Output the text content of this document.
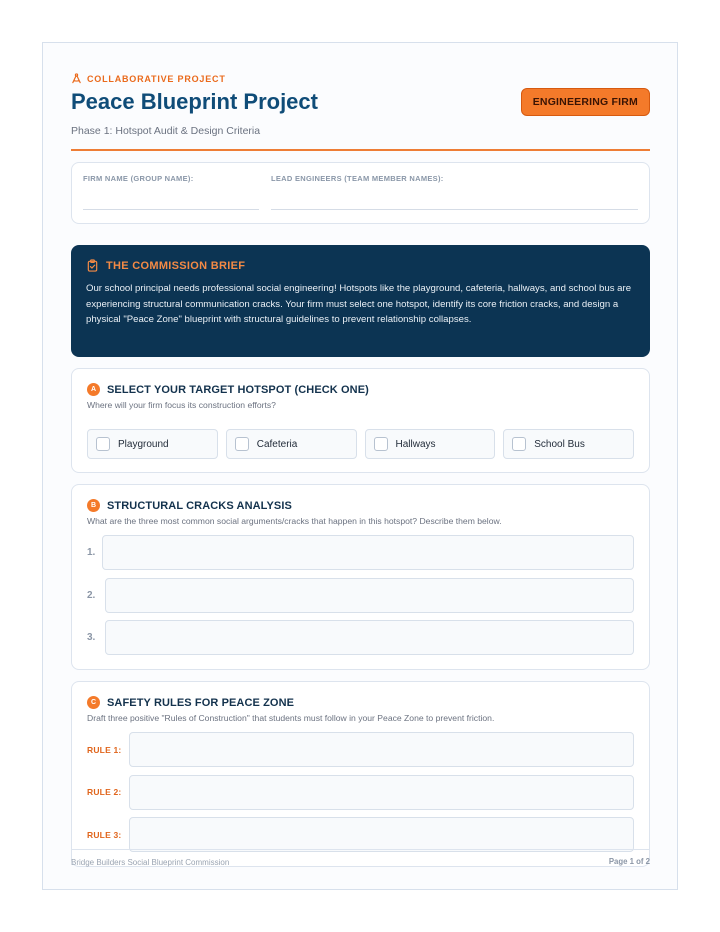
COLLABORATIVE PROJECT
Peace Blueprint Project	ENGINEERING FIRM
Phase 1: Hotspot Audit & Design Criteria
FIRM NAME (GROUP NAME):	LEAD ENGINEERS (TEAM MEMBER NAMES):
THE COMMISSION BRIEF
Our school principal needs professional social engineering! Hotspots like the playground, cafeteria, hallways, and school bus are experiencing structural communication cracks. Your firm must select one hotspot, identify its core friction cracks, and design a physical "Peace Zone" blueprint with structural guidelines to prevent relationship collapses.
A SELECT YOUR TARGET HOTSPOT (CHECK ONE)
Where will your firm focus its construction efforts?
Playground	Cafeteria	Hallways	School Bus
B STRUCTURAL CRACKS ANALYSIS
What are the three most common social arguments/cracks that happen in this hotspot? Describe them below.
1.
2.
3.
C SAFETY RULES FOR PEACE ZONE
Draft three positive "Rules of Construction" that students must follow in your Peace Zone to prevent friction.
RULE 1:
RULE 2:
RULE 3:
Bridge Builders Social Blueprint Commission	Page 1 of 2
